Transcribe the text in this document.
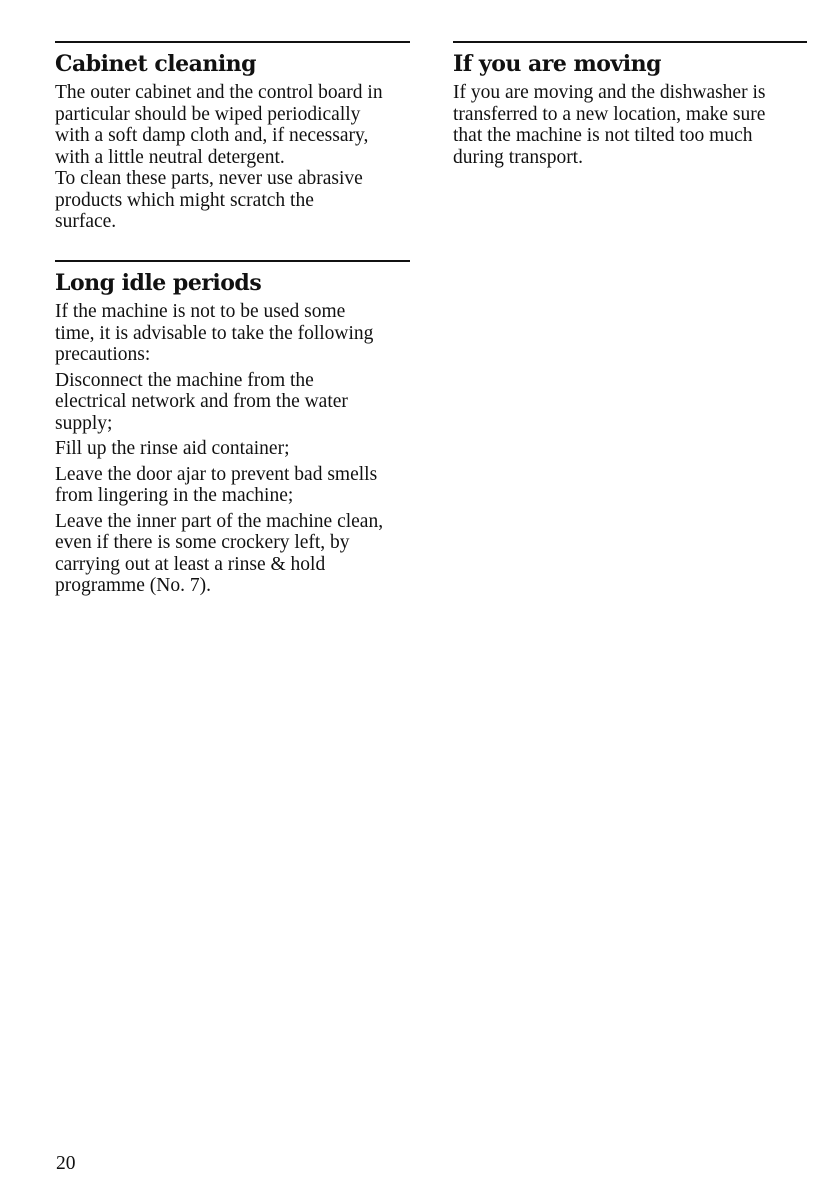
Cabinet cleaning

The outer cabinet and the control board in
particular should be wiped periodically
with a soft damp cloth and, if necessary,
with a little neutral detergent.
To clean these parts, never use abrasive
products which might scratch the
surface.

Long idle periods

If the machine is not to be used some
time, it is advisable to take the following
precautions:

Disconnect the machine from the
electrical network and from the water
supply;

Fill up the rinse aid container;

Leave the door ajar to prevent bad smells
from lingering in the machine;

Leave the inner part of the machine clean,
even if there is some crockery left, by
carrying out at least a rinse & hold
programme (No. 7).

If you are moving

If you are moving and the dishwasher is
transferred to a new location, make sure
that the machine is not tilted too much
during transport.

20
